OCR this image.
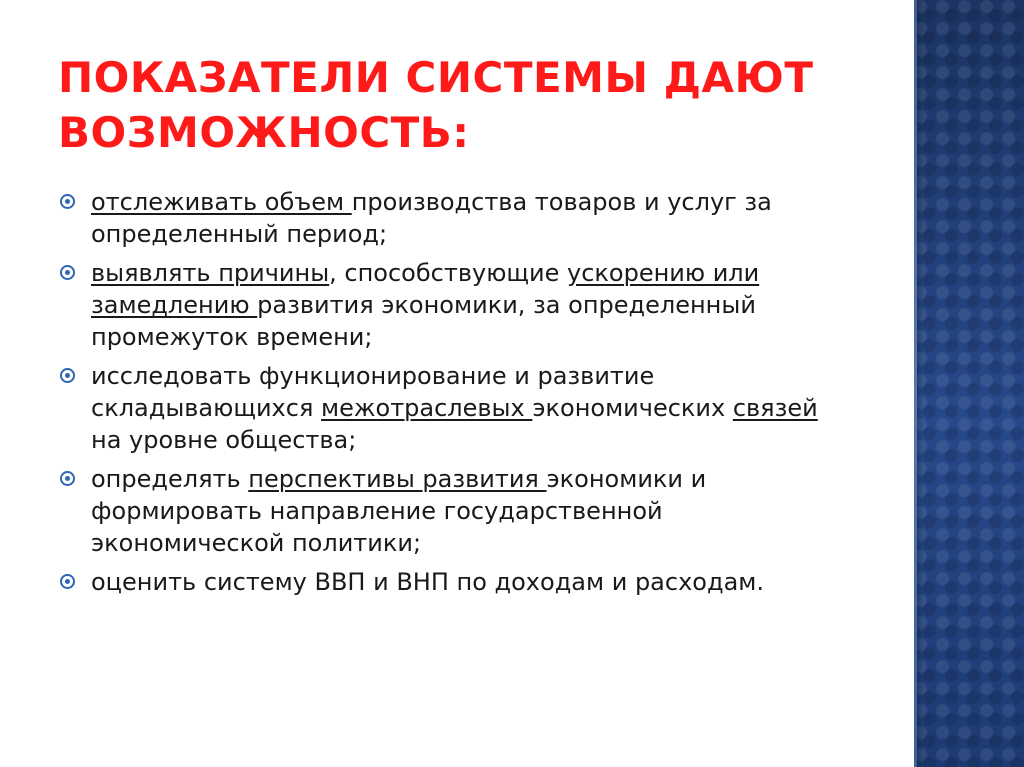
ПОКАЗАТЕЛИ СИСТЕМЫ ДАЮТ ВОЗМОЖНОСТЬ:
отслеживать объем производства товаров и услуг за определенный период;
выявлять причины, способствующие ускорению или замедлению развития экономики, за определенный промежуток времени;
исследовать функционирование и развитие складывающихся межотраслевых экономических связей на уровне общества;
определять перспективы развития экономики и формировать направление государственной экономической политики;
оценить систему ВВП и ВНП по доходам и расходам.
